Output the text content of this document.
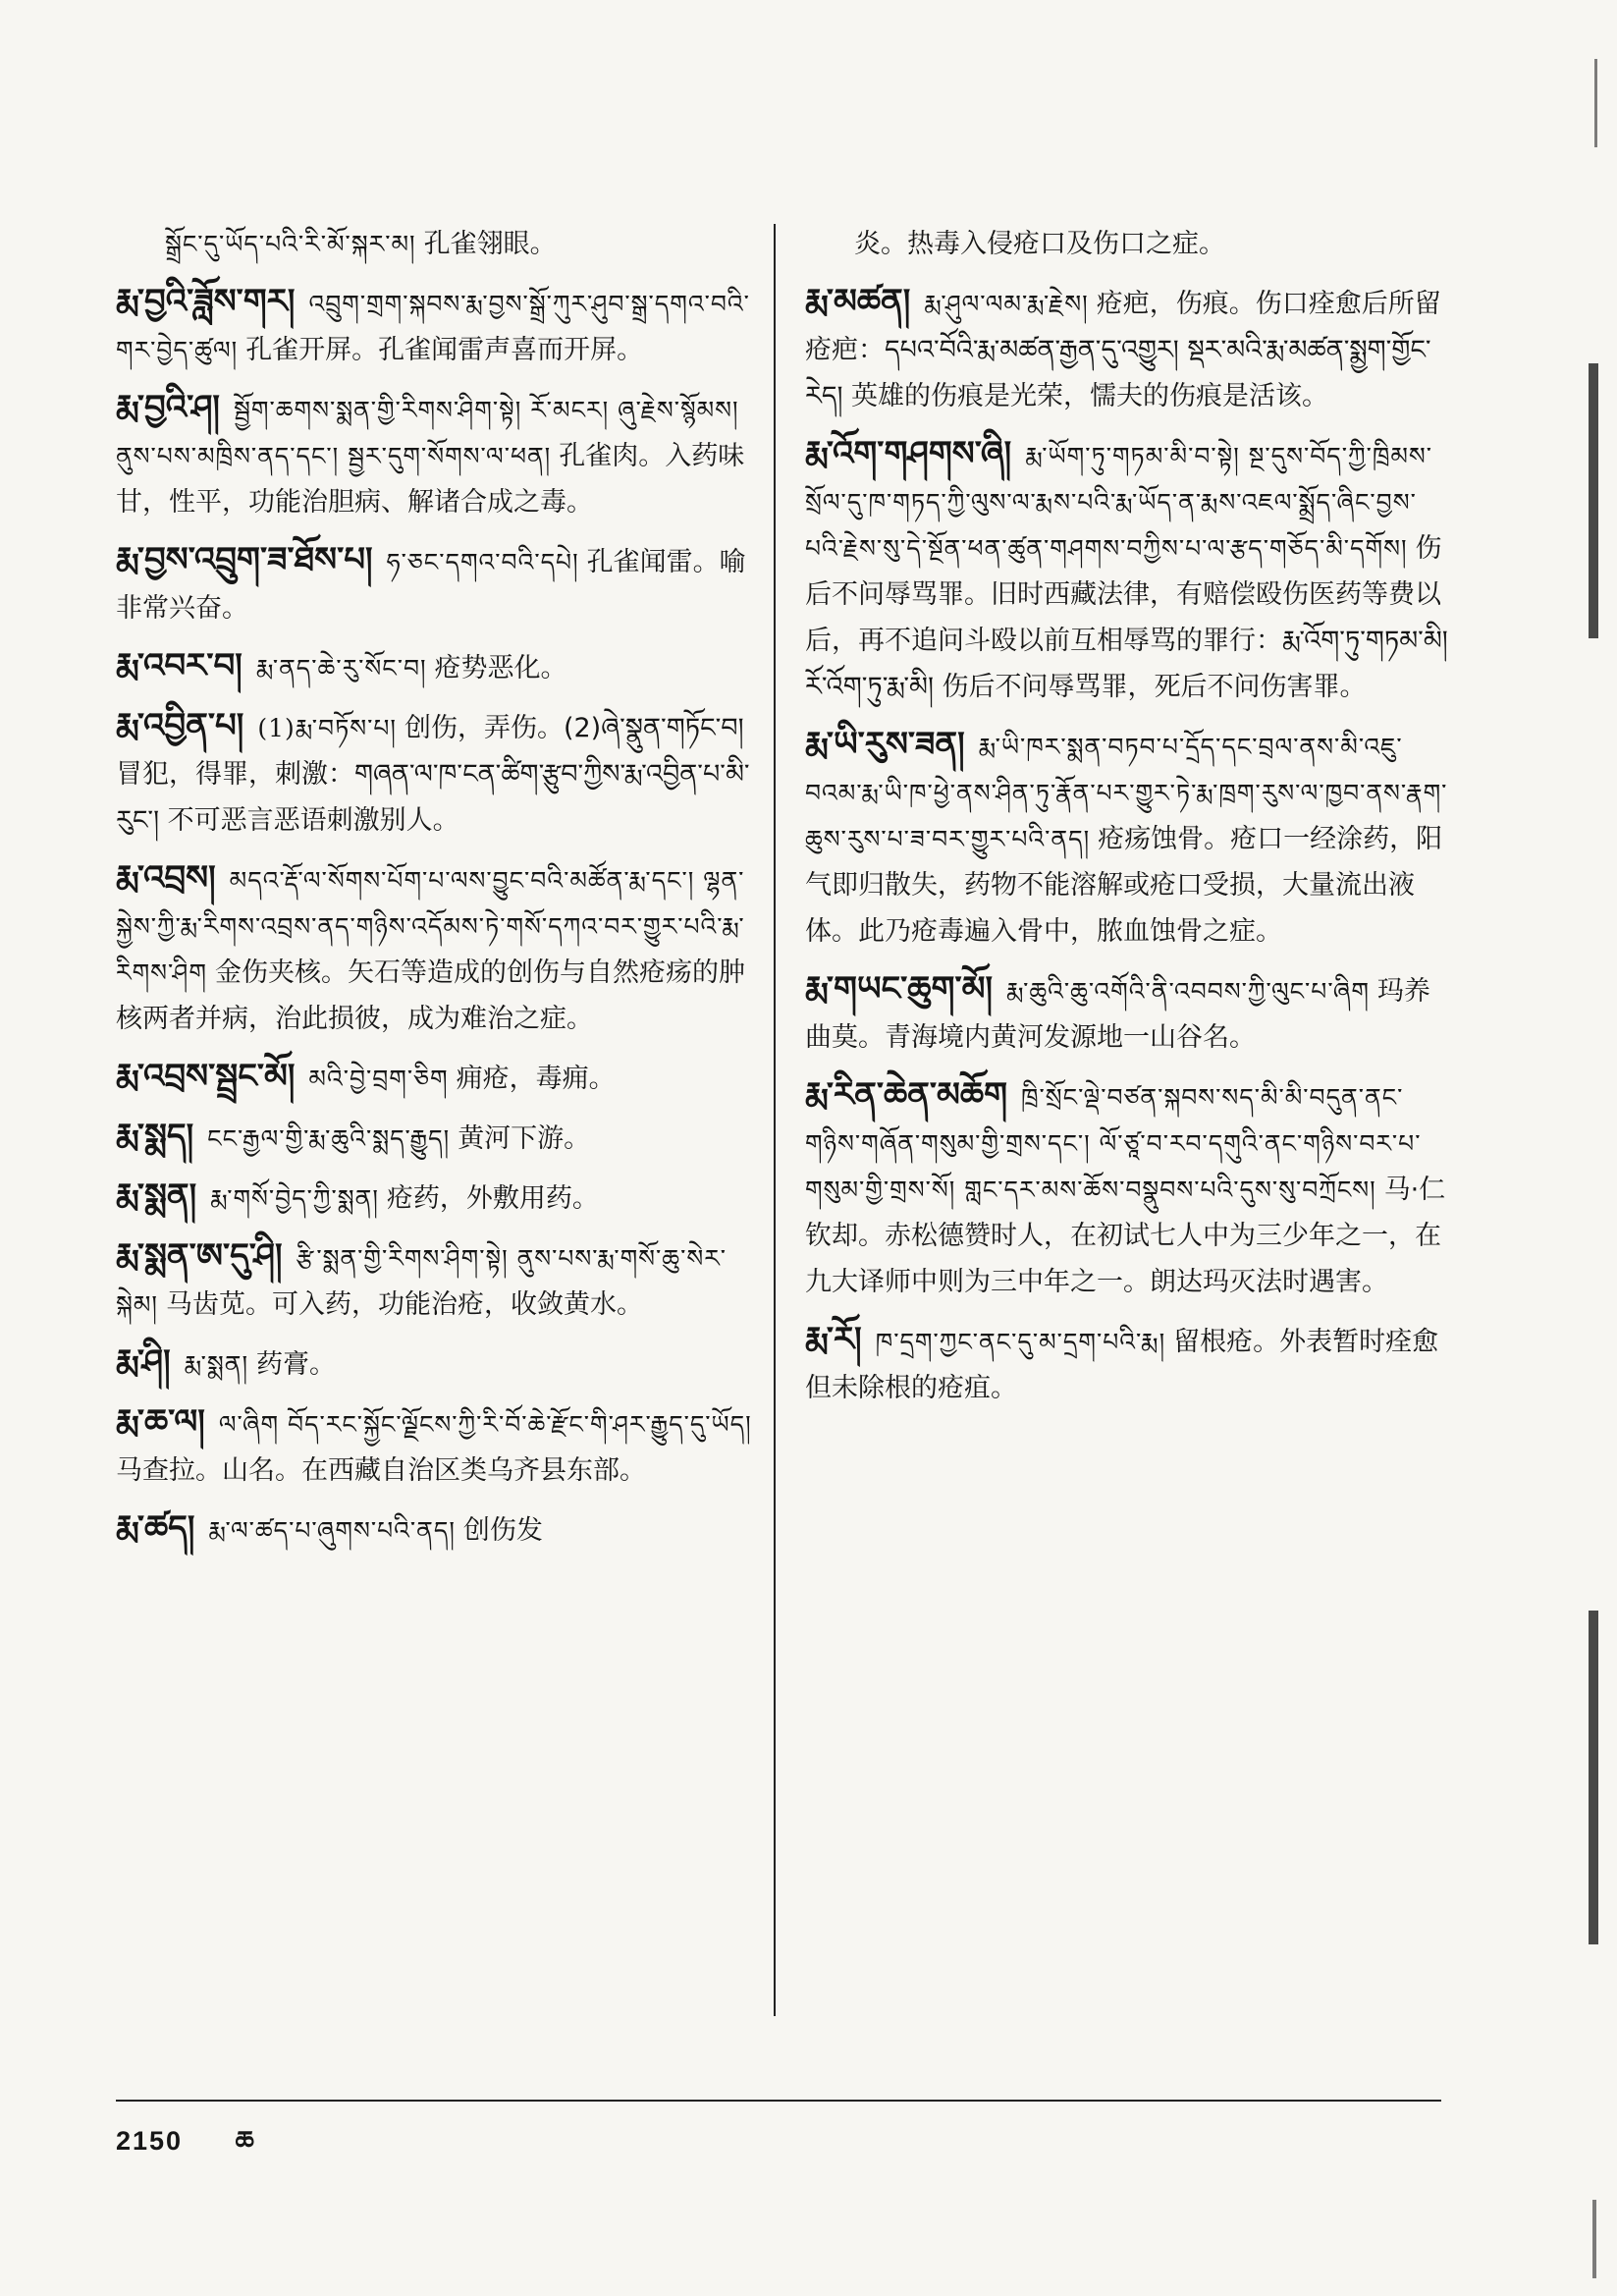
སྒྲོང་དུ་ཡོད་པའི་རི་མོ་སྐར་མ། 孔雀翎眼。
རྨ་བྱའི་ཟློས་གར། འབྲུག་གྲག་སྐབས་རྨ་བྱས་སྒྲོ་ཀུར་ཤུབ་སྒྲ་དགའ་བའི་གར་བྱེད་ཚུལ། 孔雀开屏。孔雀闻雷声喜而开屏。
རྨ་བྱའི་ཤ། སྦྱོག་ཆགས་སྨན་གྱི་རིགས་ཤིག་སྟེ། རོ་མངར། ཞུ་རྗེས་སྙོམས། ནུས་པས་མཁྲིས་ནད་དང་། སྦྱར་དུག་སོགས་ལ་ཕན། 孔雀肉。入药味甘，性平，功能治胆病、解诸合成之毒。
རྨ་བྱས་འབྲུག་ཟ་ཐོས་པ། ཧ་ཅང་དགའ་བའི་དཔེ། 孔雀闻雷。喻非常兴奋。
རྨ་འབར་བ། རྨ་ནད་ཆེ་རུ་སོང་བ། 疮势恶化。
རྨ་འབྱིན་པ། (1)རྨ་བཏོས་པ། 创伤，弄伤。(2)ཞེ་སྣུན་གཏོང་བ། 冒犯，得罪，刺激：གཞན་ལ་ཁ་ངན་ཚིག་རྩུབ་ཀྱིས་རྨ་འབྱིན་པ་མི་རུང་། 不可恶言恶语刺激别人。
རྨ་འབྲས། མདའ་རྡོ་ལ་སོགས་པོག་པ་ལས་བྱུང་བའི་མཚོན་རྨ་དང་། ལྷན་སྐྱེས་ཀྱི་རྨ་རིགས་འབྲས་ནད་གཉིས་འདོམས་ཏེ་གསོ་དཀའ་བར་གྱུར་པའི་རྨ་རིགས་ཤིག 金伤夹核。矢石等造成的创伤与自然疮疡的肿核两者并病，治此损彼，成为难治之症。
རྨ་འབྲས་སྦྲང་མོ། མའི་བྱེ་བྲག་ཅིག 痈疮，毒痈。
རྨ་སྨད། ངང་རྒྱལ་གྱི་རྨ་ཆུའི་སྨད་རྒྱུད། 黄河下游。
རྨ་སྨན། རྨ་གསོ་བྱེད་ཀྱི་སྨན། 疮药，外敷用药。
རྨ་སྨན་ཨ་དུ་ཤི། རྩི་སྨན་གྱི་རིགས་ཤིག་སྟེ། ནུས་པས་རྨ་གསོ་ཆུ་སེར་སྐེམ། 马齿苋。可入药，功能治疮，收敛黄水。
རྨ་ཤི། རྨ་སྨན། 药膏。
རྨ་ཆ་ལ། ལ་ཞིག བོད་རང་སྐྱོང་ལྗོངས་ཀྱི་རི་བོ་ཆེ་རྫོང་གི་ཤར་རྒྱུད་དུ་ཡོད།马查拉。山名。在西藏自治区类乌齐县东部。
རྨ་ཚད། རྨ་ལ་ཚད་པ་ཞུགས་པའི་ནད། 创伤发
炎。热毒入侵疮口及伤口之症。
རྨ་མཚན། རྨ་ཤུལ་ལམ་རྨ་རྗེས། 疮疤，伤痕。伤口痊愈后所留疮疤：དཔའ་བོའི་རྨ་མཚན་རྒྱན་དུ་འགྱུར། སྡར་མའི་རྨ་མཚན་སྨྱག་གྱོང་རེད། 英雄的伤痕是光荣，懦夫的伤痕是活该。
རྨ་འོག་གཤགས་ཞི། རྨ་ཡོག་ཏུ་གཏམ་མི་བ་སྟེ། སྔ་དུས་བོད་ཀྱི་ཁྲིམས་སྲོལ་དུ་ཁ་གཏད་ཀྱི་ལུས་ལ་རྨས་པའི་རྨ་ཡོད་ན་རྨས་འཇལ་སྨྲོད་ཞིང་བྱས་པའི་རྗེས་སུ་དེ་སྔོན་ཕན་ཚུན་གཤགས་བཀྱིས་པ་ལ་རྩད་གཅོད་མི་དགོས། 伤后不问辱骂罪。旧时西藏法律，有赔偿殴伤医药等费以后，再不追问斗殴以前互相辱骂的罪行：རྨ་འོག་ཏུ་གཏམ་མི། རོ་འོག་ཏུ་རྨ་མི། 伤后不问辱骂罪，死后不问伤害罪。
རྨ་ཡི་རུས་ཟན། རྨ་ཡི་ཁར་སྨན་བཏབ་པ་དྲོད་དང་བྲལ་ནས་མི་འཇུ་བའམ་རྨ་ཡི་ཁ་ཕྱེ་ནས་ཤིན་ཏུ་རྣོན་པར་གྱུར་ཏེ་རྨ་ཁྲག་རུས་ལ་ཁྱབ་ནས་རྣག་ཆུས་རུས་པ་ཟ་བར་གྱུར་པའི་ནད། 疮疡蚀骨。疮口一经涂药，阳气即归散失，药物不能溶解或疮口受损，大量流出液体。此乃疮毒遍入骨中，脓血蚀骨之症。
རྨ་གཡང་ཆུག་མོ། རྨ་ཆུའི་ཆུ་འགོའི་ནི་འབབས་ཀྱི་ལུང་པ་ཞིག 玛养曲莫。青海境内黄河发源地一山谷名。
རྨ་རིན་ཆེན་མཆོག ཁྲི་སྲོང་ལྡེ་བཙན་སྐབས་སད་མི་མི་བདུན་ནང་གཉིས་གཞོན་གསུམ་གྱི་གྲས་དང་། ལོ་ཙཱ་བ་རབ་དགུའི་ནང་གཉིས་བར་པ་གསུམ་གྱི་གྲས་སོ། གླང་དར་མས་ཆོས་བསྣུབས་པའི་དུས་སུ་བཀྲོངས། 马·仁钦却。赤松德赞时人，在初试七人中为三少年之一，在九大译师中则为三中年之一。朗达玛灭法时遇害。
རྨ་རོ། ཁ་དྲག་ཀྱང་ནང་དུ་མ་དྲག་པའི་རྨ། 留根疮。外表暂时痊愈但未除根的疮疽。
2150 ཆ
